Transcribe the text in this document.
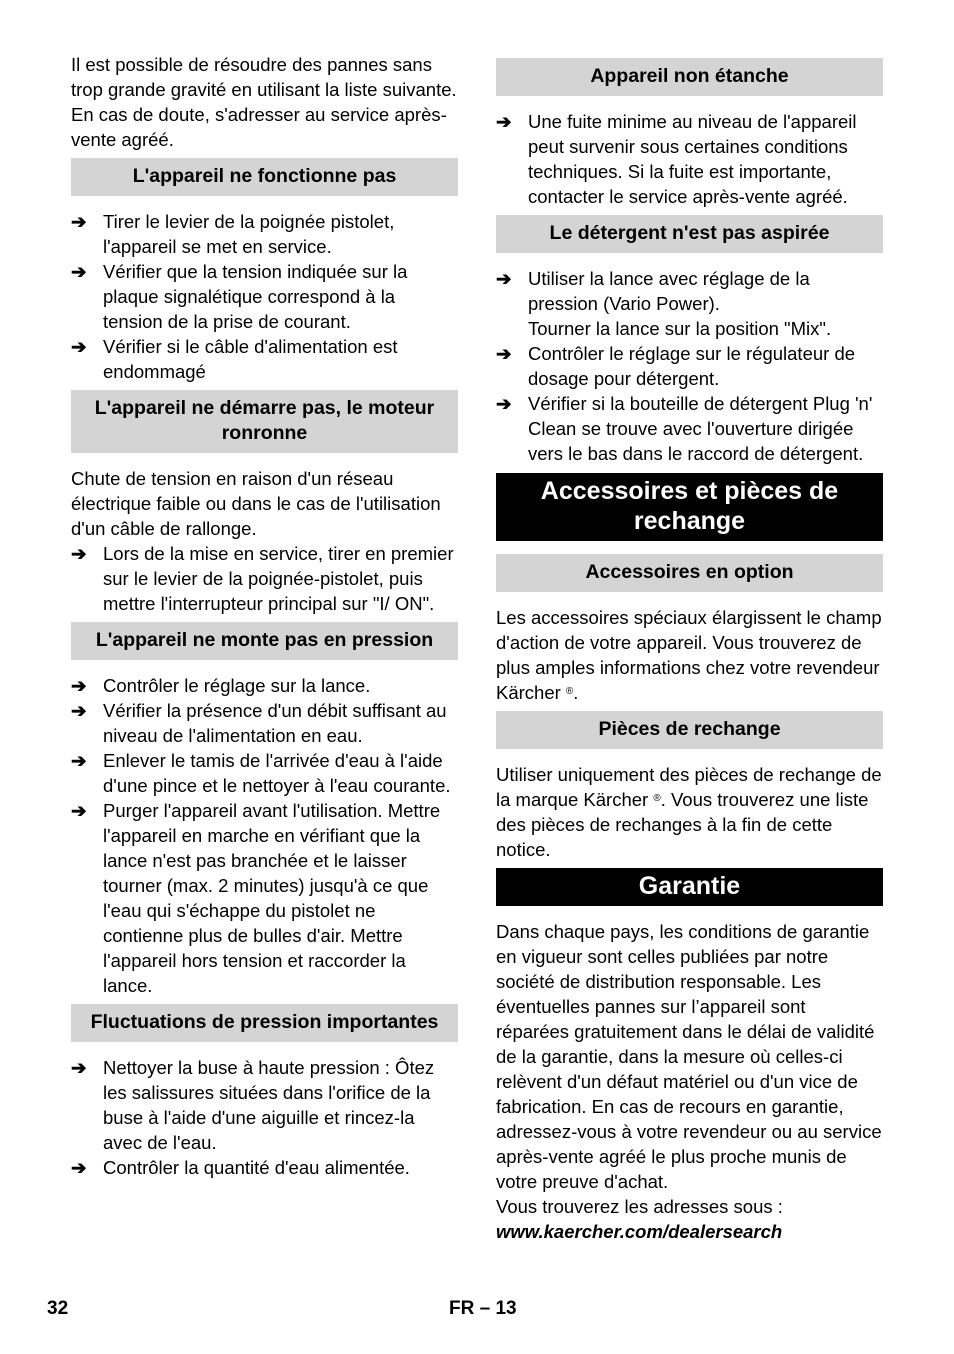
Il est possible de résoudre des pannes sans trop grande gravité en utilisant la liste suivante.

En cas de doute, s'adresser au service après-vente agréé.

L'appareil ne fonctionne pas
➔ Tirer le levier de la poignée pistolet, l'appareil se met en service.
➔ Vérifier que la tension indiquée sur la plaque signalétique correspond à la tension de la prise de courant.
➔ Vérifier si le câble d'alimentation est endommagé
L'appareil ne démarre pas, le moteur ronronne

Chute de tension en raison d'un réseau électrique faible ou dans le cas de l'utilisation d'un câble de rallonge.

➔ Lors de la mise en service, tirer en premier sur le levier de la poignée-pistolet, puis mettre l'interrupteur principal sur "I/ ON".
L'appareil ne monte pas en pression
➔ Contrôler le réglage sur la lance.
➔ Vérifier la présence d'un débit suffisant au niveau de l'alimentation en eau.
➔ Enlever le tamis de l'arrivée d'eau à l'aide d'une pince et le nettoyer à l'eau courante.
➔ Purger l'appareil avant l'utilisation. Mettre l'appareil en marche en vérifiant que la lance n'est pas branchée et le laisser tourner (max. 2 minutes) jusqu'à ce que l'eau qui s'échappe du pistolet ne contienne plus de bulles d'air. Mettre l'appareil hors tension et raccorder la lance.
Fluctuations de pression importantes
➔ Nettoyer la buse à haute pression : Ôtez les salissures situées dans l'orifice de la buse à l'aide d'une aiguille et rincez-la avec de l'eau.
➔ Contrôler la quantité d'eau alimentée.
Appareil non étanche
➔ Une fuite minime au niveau de l'appareil peut survenir sous certaines conditions techniques. Si la fuite est importante, contacter le service après-vente agréé.
Le détergent n'est pas aspirée
➔ Utiliser la lance avec réglage de la pression (Vario Power).
Tourner la lance sur la position "Mix".
➔ Contrôler le réglage sur le régulateur de dosage pour détergent.
➔ Vérifier si la bouteille de détergent Plug 'n' Clean se trouve avec l'ouverture dirigée vers le bas dans le raccord de détergent.
Accessoires et pièces de rechange
Accessoires en option

Les accessoires spéciaux élargissent le champ d'action de votre appareil. Vous trouverez de plus amples informations chez votre revendeur Kärcher ®.

Pièces de rechange

Utiliser uniquement des pièces de rechange de la marque Kärcher ®. Vous trouverez une liste des pièces de rechanges à la fin de cette notice.

Garantie

Dans chaque pays, les conditions de garantie en vigueur sont celles publiées par notre société de distribution responsable. Les éventuelles pannes sur l’appareil sont réparées gratuitement dans le délai de validité de la garantie, dans la mesure où celles-ci relèvent d'un défaut matériel ou d'un vice de fabrication. En cas de recours en garantie, adressez-vous à votre revendeur ou au service après-vente agréé le plus proche munis de votre preuve d'achat.

Vous trouverez les adresses sous :

www.kaercher.com/dealersearch

32	FR – 13
